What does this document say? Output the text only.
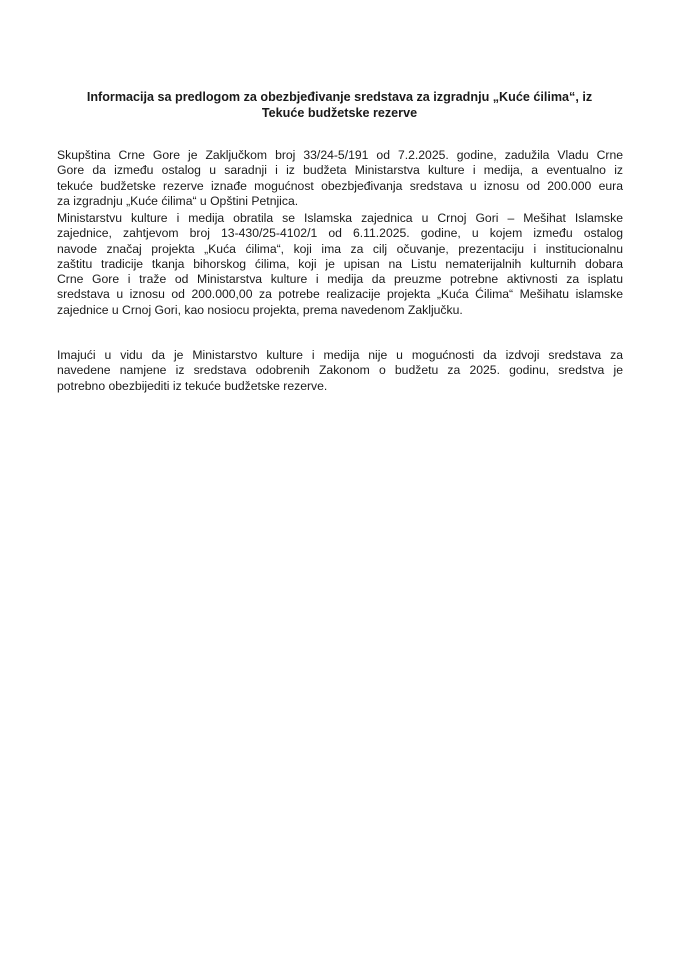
Informacija sa predlogom za obezbjeđivanje sredstava za izgradnju „Kuće ćilima“, iz
Tekuće budžetske rezerve
Skupština Crne Gore je Zaključkom broj 33/24-5/191 od 7.2.2025. godine, zadužila Vladu Crne
Gore da između ostalog u saradnji i iz budžeta Ministarstva kulture i medija, a eventualno iz
tekuće budžetske rezerve iznađe mogućnost obezbjeđivanja sredstava u iznosu od 200.000 eura
za izgradnju „Kuće ćilima“ u Opštini Petnjica.
Ministarstvu kulture i medija obratila se Islamska zajednica u Crnoj Gori – Mešihat Islamske
zajednice, zahtjevom broj 13-430/25-4102/1 od 6.11.2025. godine, u kojem između ostalog
navode značaj projekta „Kuća ćilima“, koji ima za cilj očuvanje, prezentaciju i institucionalnu
zaštitu tradicije tkanja bihorskog ćilima, koji je upisan na Listu nematerijalnih kulturnih dobara
Crne Gore i traže od Ministarstva kulture i medija da preuzme potrebne aktivnosti za isplatu
sredstava u iznosu od 200.000,00 za potrebe realizacije projekta „Kuća Ćilima“ Mešihatu islamske
zajednice u Crnoj Gori, kao nosiocu projekta, prema navedenom Zaključku.
Imajući u vidu da je Ministarstvo kulture i medija nije u mogućnosti da izdvoji sredstava za
navedene namjene iz sredstava odobrenih Zakonom o budžetu za 2025. godinu, sredstva je
potrebno obezbijediti iz tekuće budžetske rezerve.
